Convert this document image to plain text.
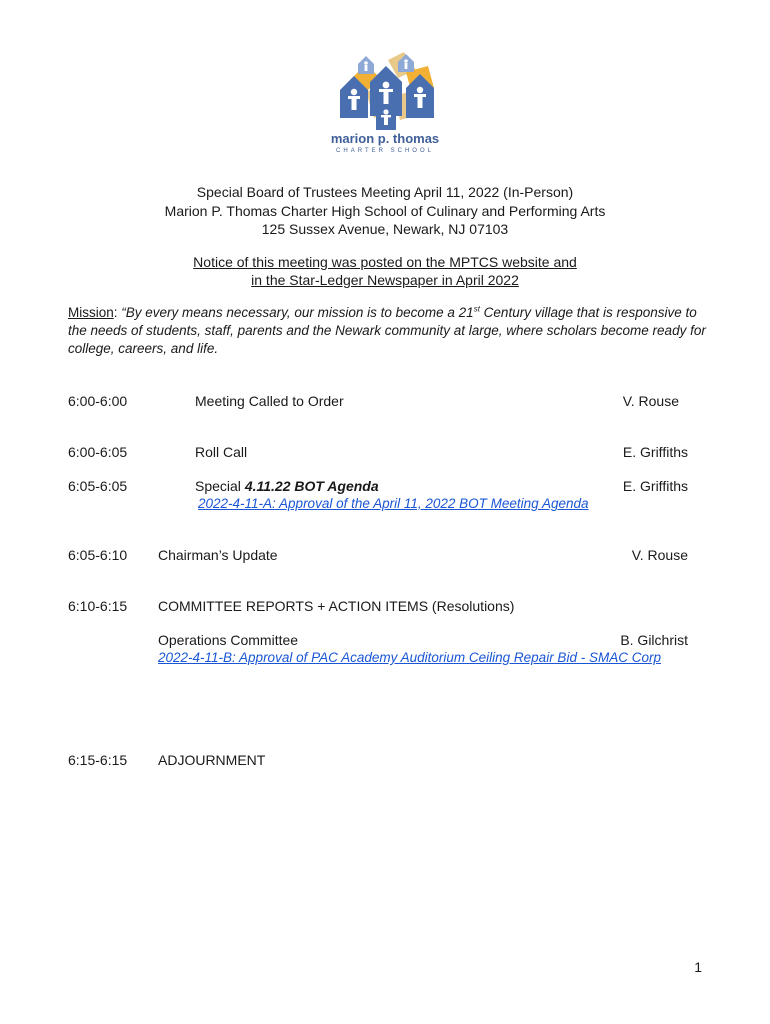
marion p. thomas
CHARTER SCHOOL
Special Board of Trustees Meeting April 11, 2022 (In-Person)
Marion P. Thomas Charter High School of Culinary and Performing Arts
125 Sussex Avenue, Newark, NJ 07103
Notice of this meeting was posted on the MPTCS website and
in the Star-Ledger Newspaper in April 2022
Mission: “By every means necessary, our mission is to become a 21st Century village that is responsive to the needs of students, staff, parents and the Newark community at large, where scholars become ready for college, careers, and life.
6:00-6:00	Meeting Called to Order	V. Rouse
6:00-6:05	Roll Call	E. Griffiths
6:05-6:05	Special 4.11.22 BOT Agenda	E. Griffiths
2022-4-11-A: Approval of the April 11, 2022 BOT Meeting Agenda
6:05-6:10 Chairman’s Update	V. Rouse
6:10-6:15 COMMITTEE REPORTS + ACTION ITEMS (Resolutions)
Operations Committee	B. Gilchrist
2022-4-11-B: Approval of PAC Academy Auditorium Ceiling Repair Bid - SMAC Corp
6:15-6:15 ADJOURNMENT
1
